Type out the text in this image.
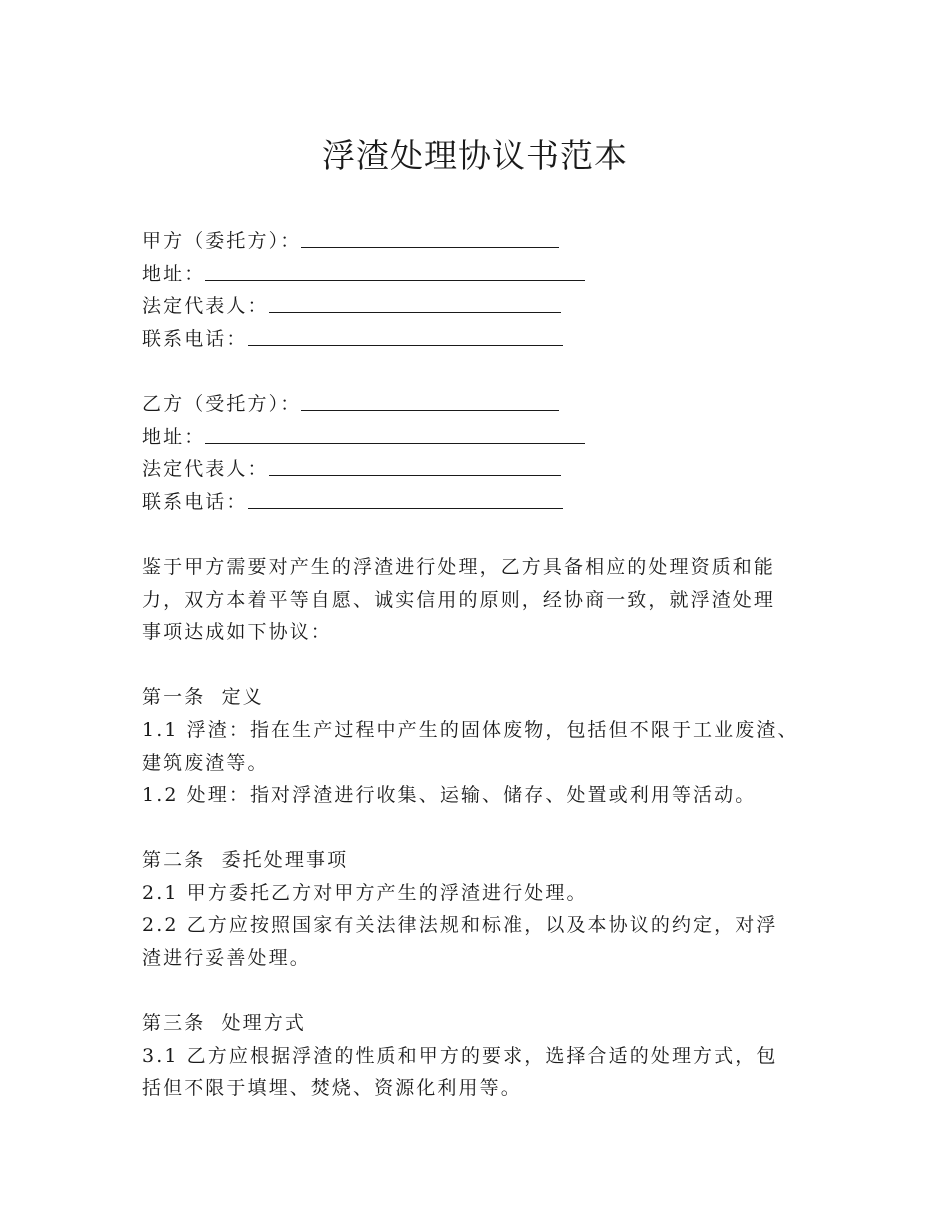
浮渣处理协议书范本
甲方（委托方）：
地址：
法定代表人：
联系电话：
乙方（受托方）：
地址：
法定代表人：
联系电话：
鉴于甲方需要对产生的浮渣进行处理，乙方具备相应的处理资质和能
力，双方本着平等自愿、诚实信用的原则，经协商一致，就浮渣处理
事项达成如下协议：
第一条  定义
1.1 浮渣：指在生产过程中产生的固体废物，包括但不限于工业废渣、
建筑废渣等。
1.2 处理：指对浮渣进行收集、运输、储存、处置或利用等活动。
第二条  委托处理事项
2.1 甲方委托乙方对甲方产生的浮渣进行处理。
2.2 乙方应按照国家有关法律法规和标准，以及本协议的约定，对浮
渣进行妥善处理。
第三条  处理方式
3.1 乙方应根据浮渣的性质和甲方的要求，选择合适的处理方式，包
括但不限于填埋、焚烧、资源化利用等。
